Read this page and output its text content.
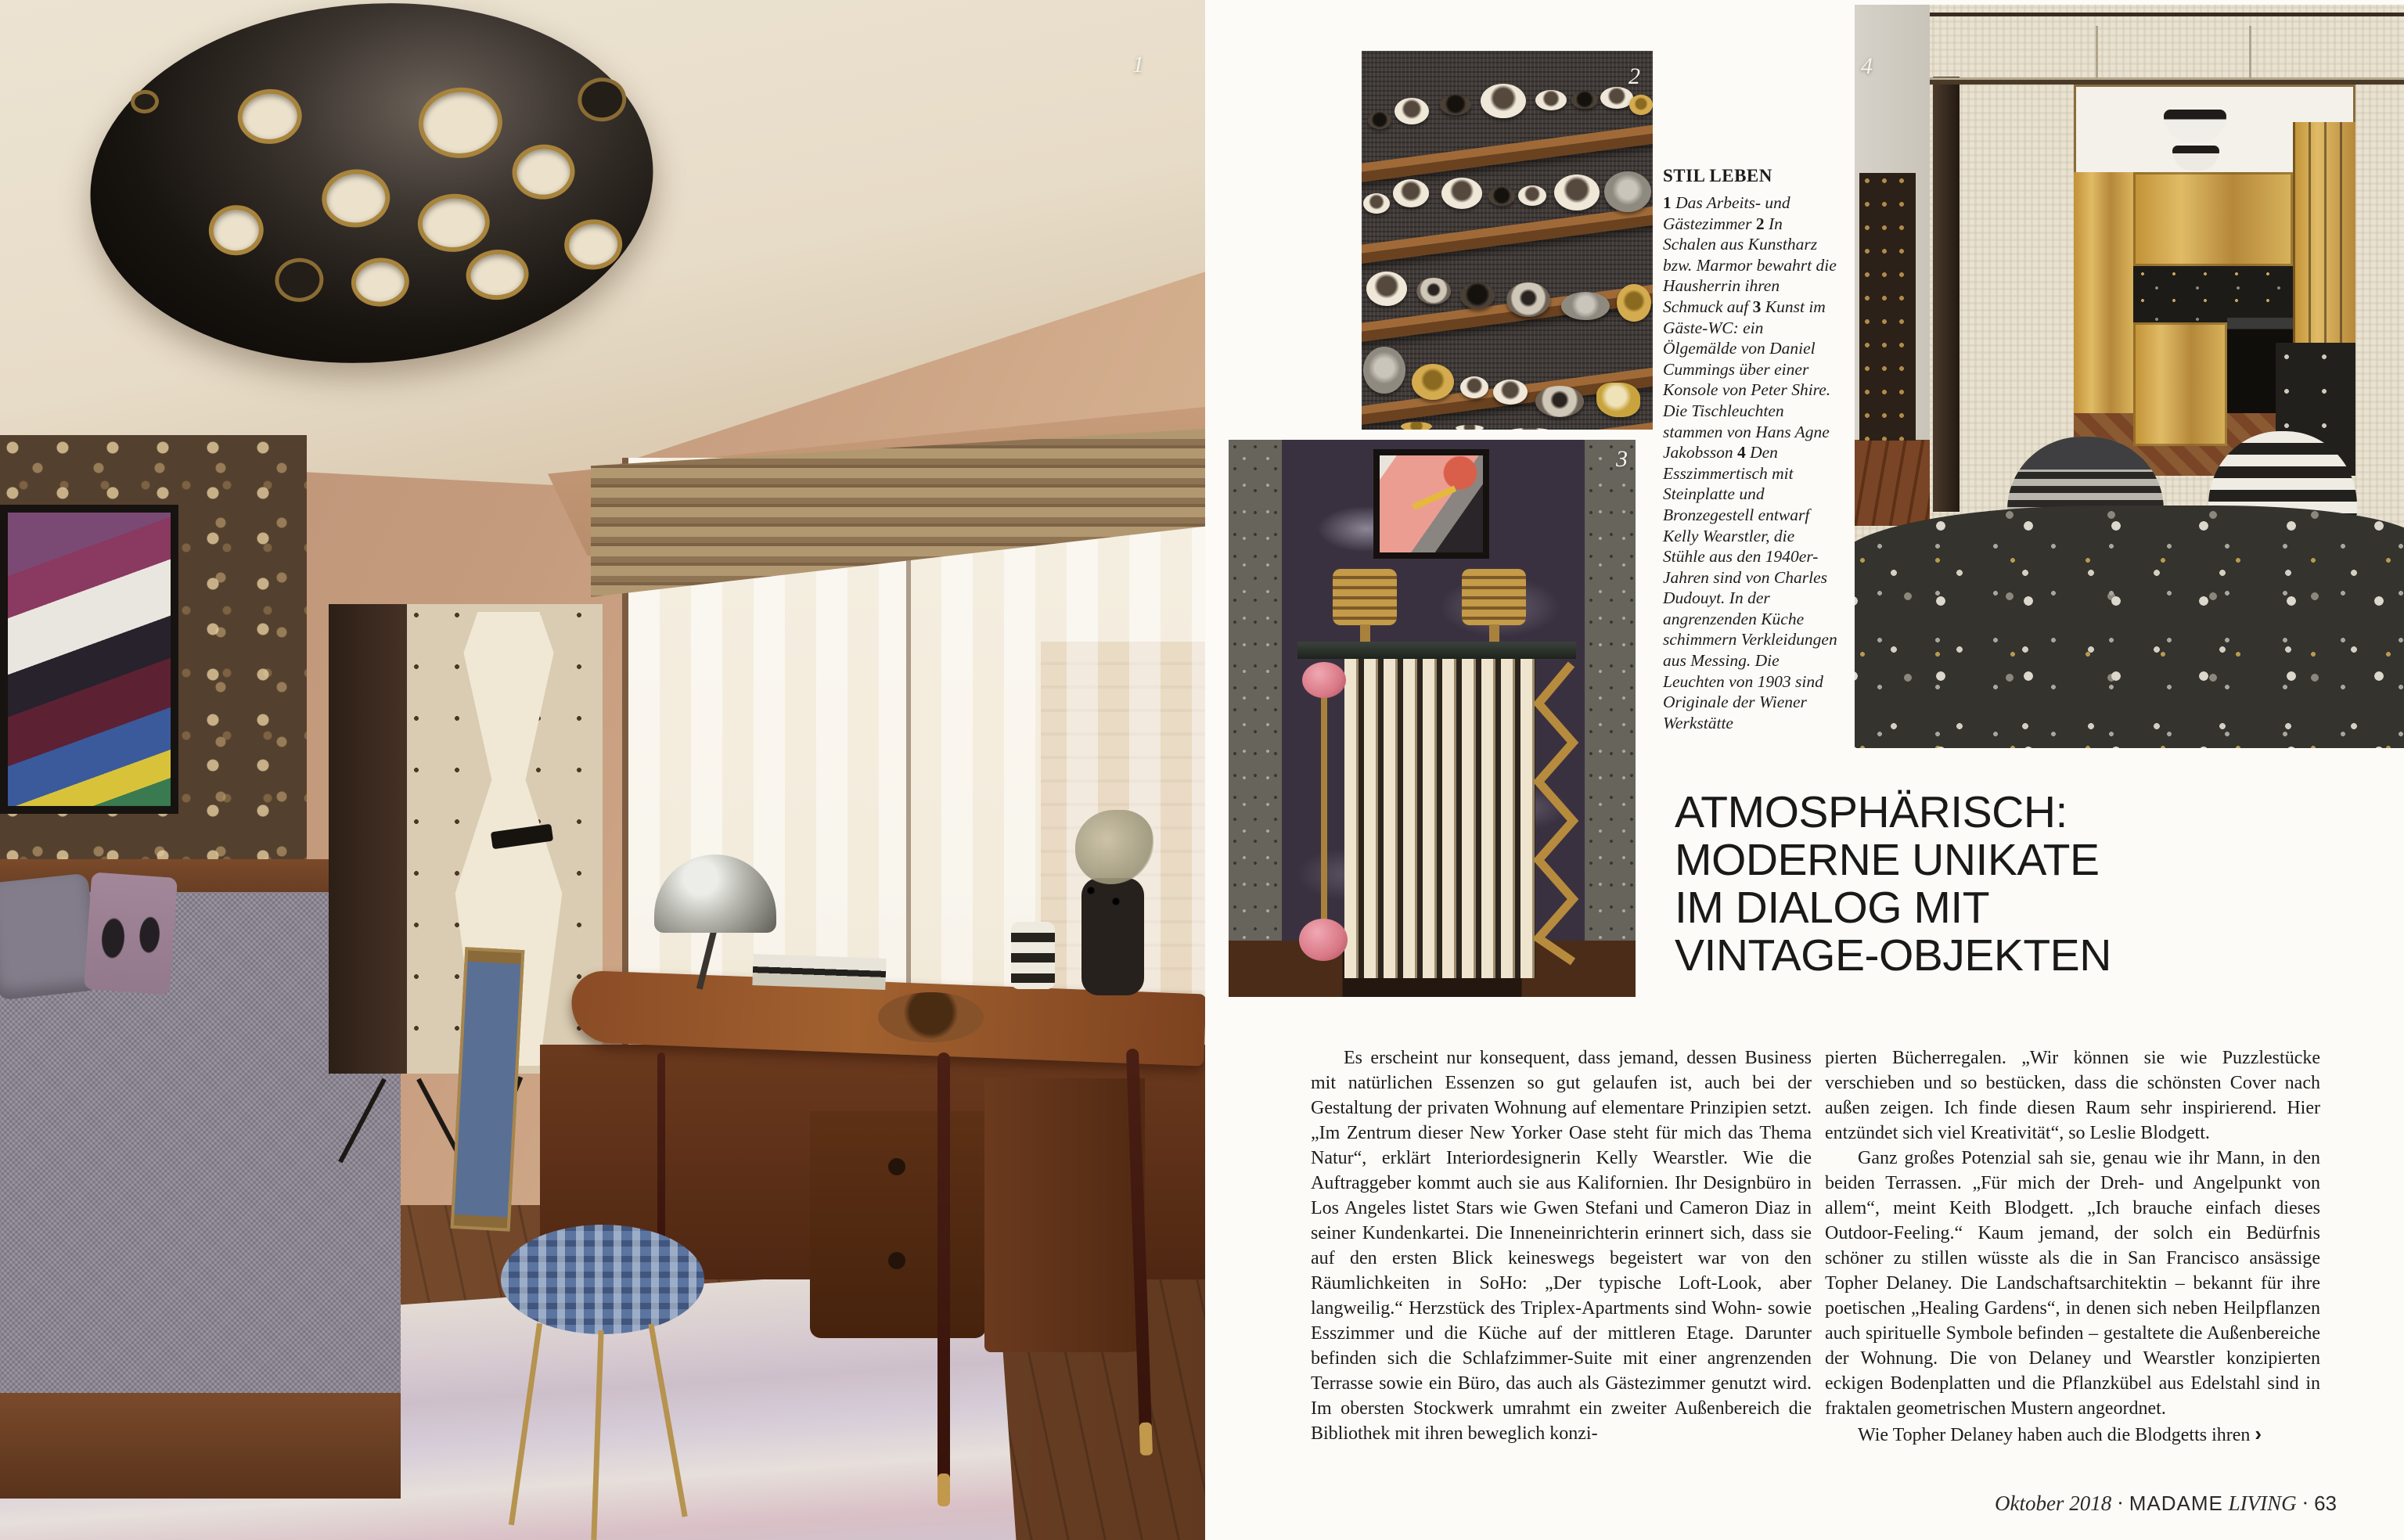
1	2
3
4
STIL LEBEN
1 Das Arbeits- und Gästezimmer 2 In Schalen aus Kunstharz bzw. Marmor bewahrt die Hausherrin ihren Schmuck auf 3 Kunst im Gäste-WC: ein Ölgemälde von Daniel Cummings über einer Konsole von Peter Shire. Die Tischleuchten stammen von Hans Agne Jakobsson 4 Den Esszimmertisch mit Steinplatte und Bronzegestell entwarf Kelly Wearstler, die Stühle aus den 1940er-Jahren sind von Charles Dudouyt. In der angrenzenden Küche schimmern Verkleidungen aus Messing. Die Leuchten von 1903 sind Originale der Wiener Werkstätte
ATMOSPHÄRISCH:
MODERNE UNIKATE
IM DIALOG MIT
VINTAGE-OBJEKTEN

Es erscheint nur konsequent, dass jemand, dessen Business mit natürlichen Essenzen so gut gelaufen ist, auch bei der Gestaltung der privaten Wohnung auf elementare Prinzipien setzt. „Im Zentrum dieser New Yorker Oase steht für mich das Thema Natur“, erklärt Interiordesignerin Kelly Wearstler. Wie die Auftraggeber kommt auch sie aus Kalifornien. Ihr Designbüro in Los Angeles listet Stars wie Gwen Stefani und Cameron Diaz in seiner Kundenkartei. Die Inneneinrichterin erinnert sich, dass sie auf den ersten Blick keineswegs begeistert war von den Räumlichkeiten in SoHo: „Der typische Loft-Look, aber langweilig.“ Herzstück des Triplex-Apartments sind Wohn- sowie Esszimmer und die Küche auf der mittleren Etage. Darunter befinden sich die Schlafzimmer-Suite mit einer angrenzenden Terrasse sowie ein Büro, das auch als Gästezimmer genutzt wird. Im obersten Stockwerk umrahmt ein zweiter Außenbereich die Bibliothek mit ihren beweglich konzi-

pierten Bücherregalen. „Wir können sie wie Puzzlestücke verschieben und so bestücken, dass die schönsten Cover nach außen zeigen. Ich finde diesen Raum sehr inspirierend. Hier entzündet sich viel Kreativität“, so Leslie Blodgett.

Ganz großes Potenzial sah sie, genau wie ihr Mann, in den beiden Terrassen. „Für mich der Dreh- und Angelpunkt von allem“, meint Keith Blodgett. „Ich brauche einfach dieses Outdoor-Feeling.“ Kaum jemand, der solch ein Bedürfnis schöner zu stillen wüsste als die in San Francisco ansässige Topher Delaney. Die Landschaftsarchitektin – bekannt für ihre poetischen „Healing Gardens“, in denen sich neben Heilpflanzen auch spirituelle Symbole befinden – gestaltete die Außenbereiche der Wohnung. Die von Delaney und Wearstler konzipierten eckigen Bodenplatten und die Pflanzkübel aus Edelstahl sind in fraktalen geometrischen Mustern angeordnet.

Wie Topher Delaney haben auch die Blodgetts ihren ›

Oktober 2018 · MADAME LIVING · 63
